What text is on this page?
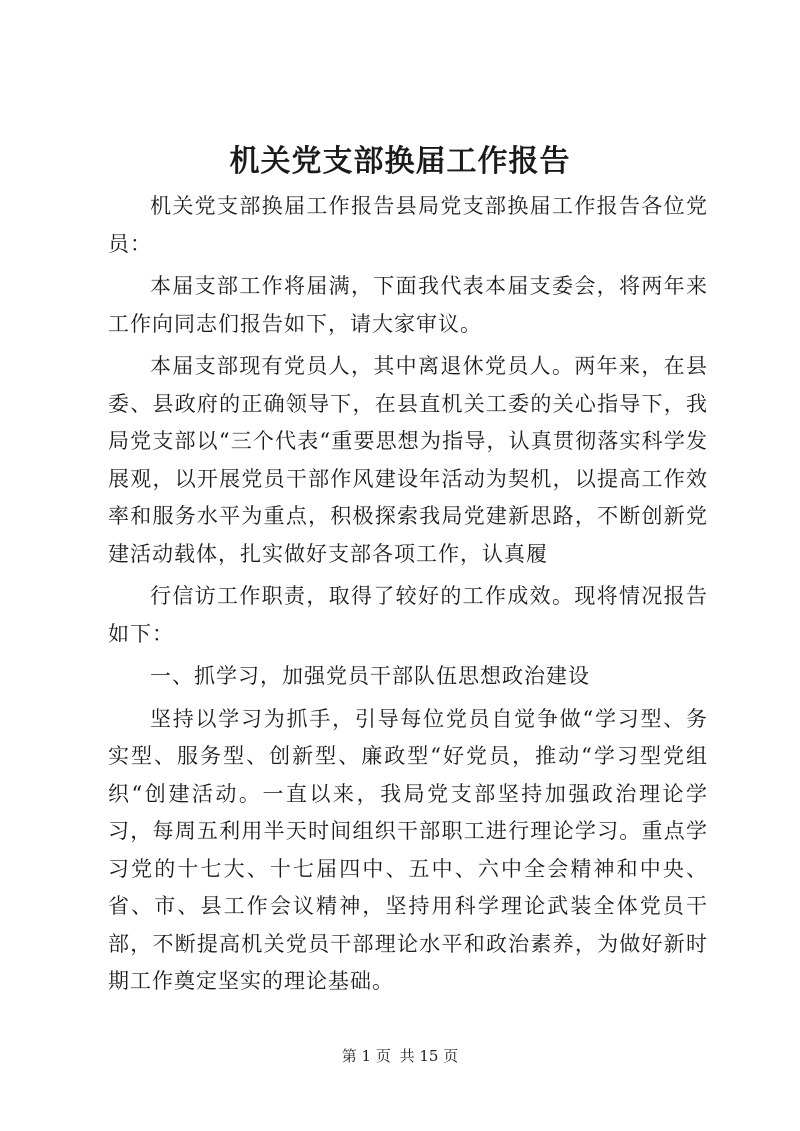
机关党支部换届工作报告

机关党支部换届工作报告县局党支部换届工作报告各位党员：

本届支部工作将届满，下面我代表本届支委会，将两年来工作向同志们报告如下，请大家审议。

本届支部现有党员人，其中离退休党员人。两年来，在县委、县政府的正确领导下，在县直机关工委的关心指导下，我局党支部以“三个代表“重要思想为指导，认真贯彻落实科学发展观，以开展党员干部作风建设年活动为契机，以提高工作效率和服务水平为重点，积极探索我局党建新思路，不断创新党建活动载体，扎实做好支部各项工作，认真履

行信访工作职责，取得了较好的工作成效。现将情况报告如下：

一、抓学习，加强党员干部队伍思想政治建设

坚持以学习为抓手，引导每位党员自觉争做“学习型、务实型、服务型、创新型、廉政型“好党员，推动“学习型党组织“创建活动。一直以来，我局党支部坚持加强政治理论学习，每周五利用半天时间组织干部职工进行理论学习。重点学习党的十七大、十七届四中、五中、六中全会精神和中央、省、市、县工作会议精神，坚持用科学理论武装全体党员干部，不断提高机关党员干部理论水平和政治素养，为做好新时期工作奠定坚实的理论基础。

第 1 页 共 15 页
